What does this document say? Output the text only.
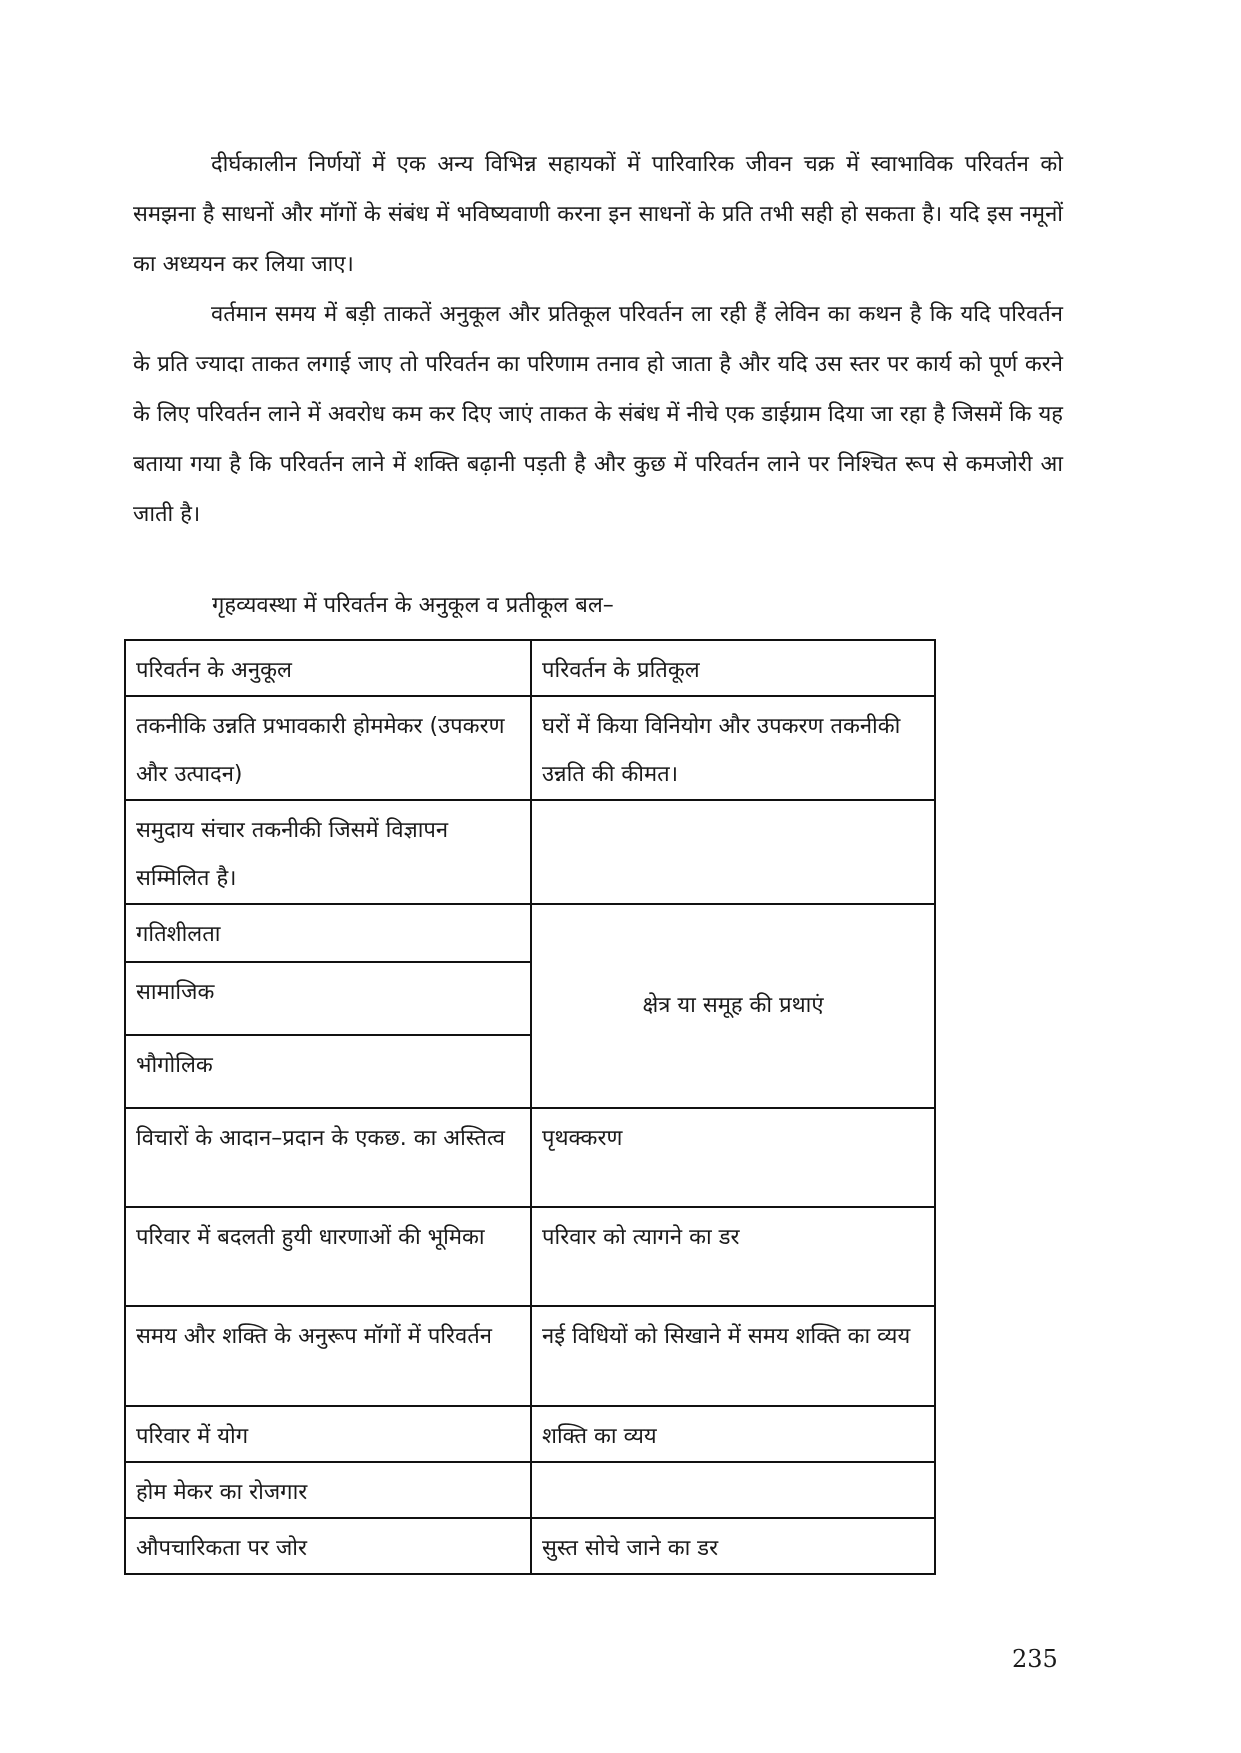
दीर्घकालीन निर्णयों में एक अन्य विभिन्न सहायकों में पारिवारिक जीवन चक्र में स्वाभाविक परिवर्तन को समझना है साधनों और मॉगों के संबंध में भविष्यवाणी करना इन साधनों के प्रति तभी सही हो सकता है। यदि इस नमूनों का अध्ययन कर लिया जाए।

वर्तमान समय में बड़ी ताकतें अनुकूल और प्रतिकूल परिवर्तन ला रही हैं लेविन का कथन है कि यदि परिवर्तन के प्रति ज्यादा ताकत लगाई जाए तो परिवर्तन का परिणाम तनाव हो जाता है और यदि उस स्तर पर कार्य को पूर्ण करने के लिए परिवर्तन लाने में अवरोध कम कर दिए जाएं ताकत के संबंध में नीचे एक डाईग्राम दिया जा रहा है जिसमें कि यह बताया गया है कि परिवर्तन लाने में शक्ति बढ़ानी पड़ती है और कुछ में परिवर्तन लाने पर निश्चित रूप से कमजोरी आ जाती है।

गृहव्यवस्था में परिवर्तन के अनुकूल व प्रतीकूल बल–

परिवर्तन के अनुकूल	परिवर्तन के प्रतिकूल
तकनीकि उन्नति प्रभावकारी होममेकर (उपकरण और उत्पादन)	घरों में किया विनियोग और उपकरण तकनीकी उन्नति की कीमत।
समुदाय संचार तकनीकी जिसमें विज्ञापन सम्मिलित है।	
गतिशीलता	क्षेत्र या समूह की प्रथाएं
सामाजिक	
भौगोलिक	
विचारों के आदान–प्रदान के एकछ. का अस्तित्व	पृथक्करण
परिवार में बदलती हुयी धारणाओं की भूमिका	परिवार को त्यागने का डर
समय और शक्ति के अनुरूप मॉगों में परिवर्तन	नई विधियों को सिखाने में समय शक्ति का व्यय
परिवार में योग	शक्ति का व्यय
होम मेकर का रोजगार	
औपचारिकता पर जोर	सुस्त सोचे जाने का डर
235
